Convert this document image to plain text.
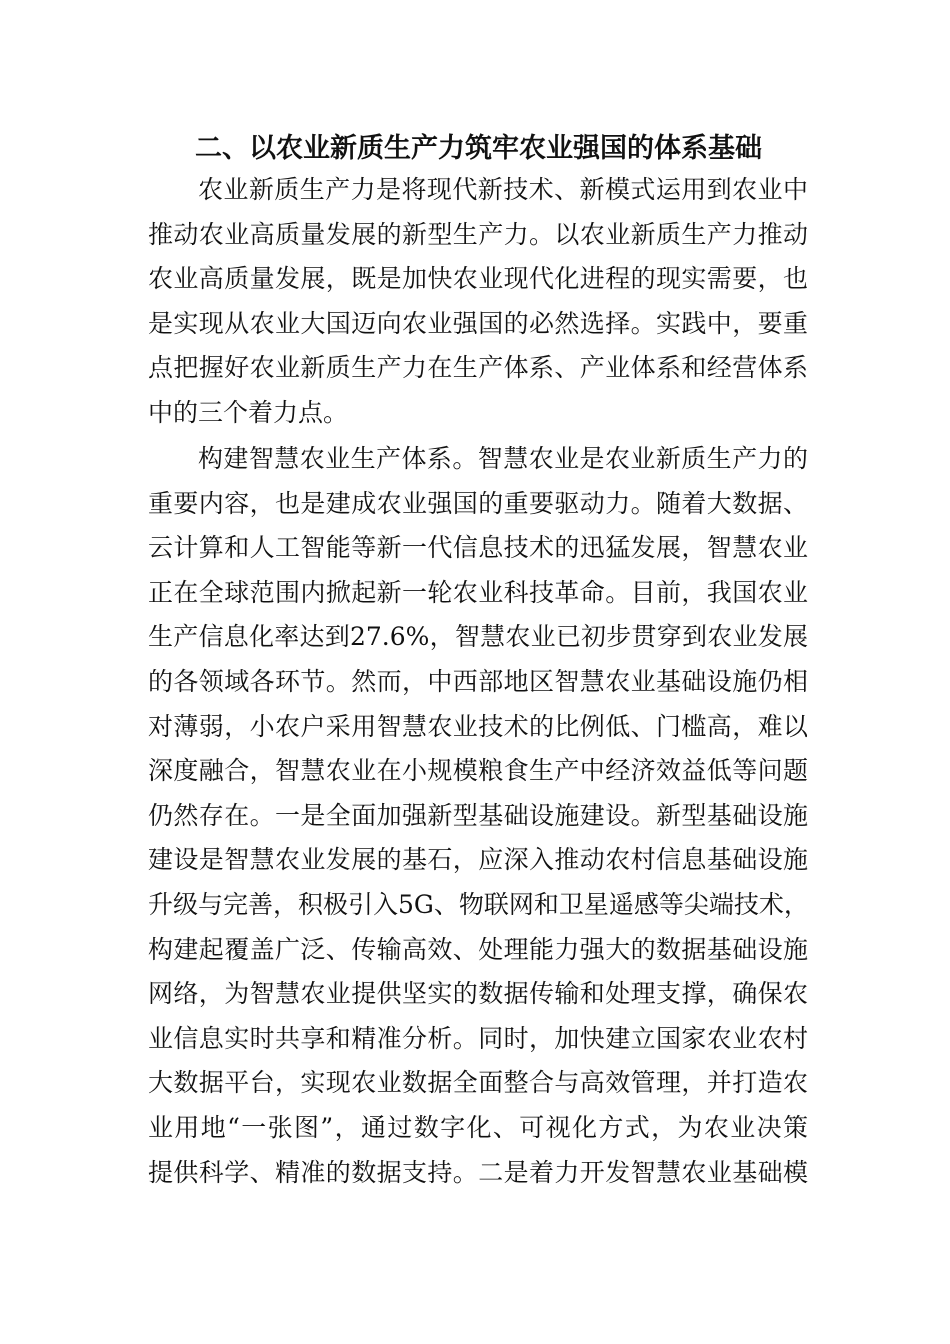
二、以农业新质生产力筑牢农业强国的体系基础
农业新质生产力是将现代新技术、新模式运用到农业中
推动农业高质量发展的新型生产力。以农业新质生产力推动
农业高质量发展，既是加快农业现代化进程的现实需要，也
是实现从农业大国迈向农业强国的必然选择。实践中，要重
点把握好农业新质生产力在生产体系、产业体系和经营体系
中的三个着力点。
构建智慧农业生产体系。智慧农业是农业新质生产力的
重要内容，也是建成农业强国的重要驱动力。随着大数据、
云计算和人工智能等新一代信息技术的迅猛发展，智慧农业
正在全球范围内掀起新一轮农业科技革命。目前，我国农业
生产信息化率达到27.6%，智慧农业已初步贯穿到农业发展
的各领域各环节。然而，中西部地区智慧农业基础设施仍相
对薄弱，小农户采用智慧农业技术的比例低、门槛高，难以
深度融合，智慧农业在小规模粮食生产中经济效益低等问题
仍然存在。一是全面加强新型基础设施建设。新型基础设施
建设是智慧农业发展的基石，应深入推动农村信息基础设施
升级与完善，积极引入5G、物联网和卫星遥感等尖端技术，
构建起覆盖广泛、传输高效、处理能力强大的数据基础设施
网络，为智慧农业提供坚实的数据传输和处理支撑，确保农
业信息实时共享和精准分析。同时，加快建立国家农业农村
大数据平台，实现农业数据全面整合与高效管理，并打造农
业用地“一张图”，通过数字化、可视化方式，为农业决策
提供科学、精准的数据支持。二是着力开发智慧农业基础模
